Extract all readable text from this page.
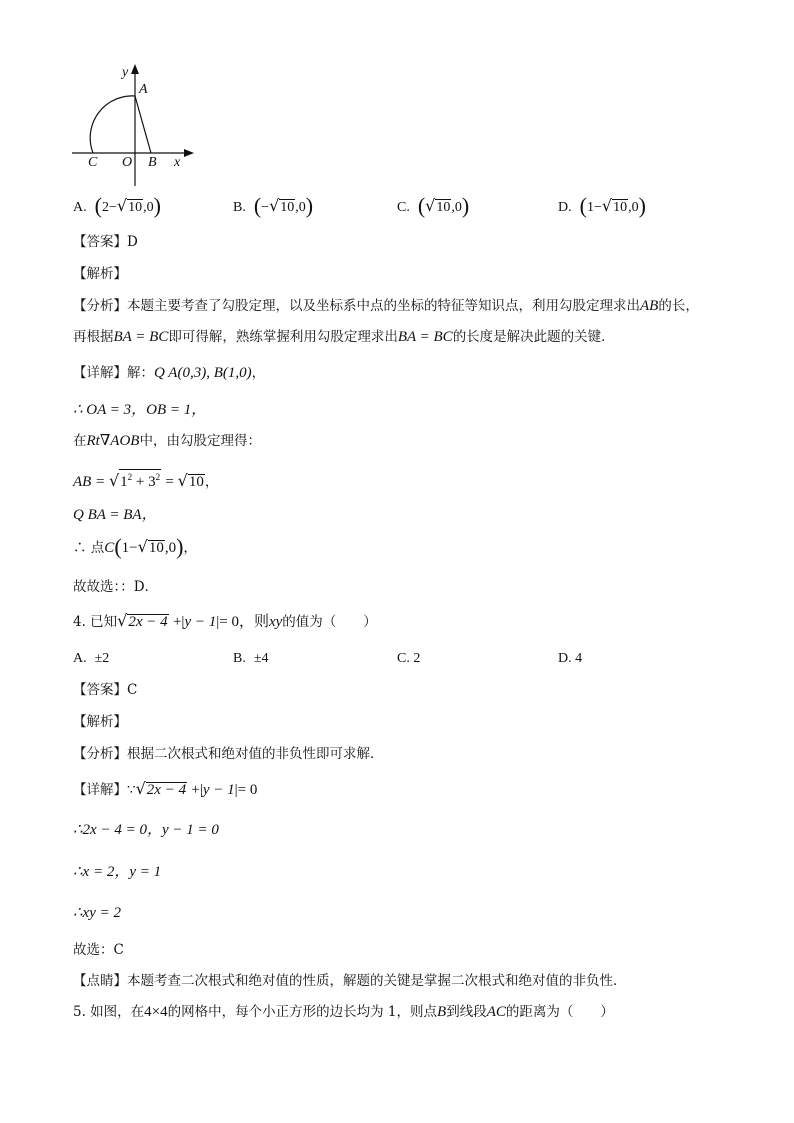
y
A
C O B x
A. (2−√10,0)	B. (−√10,0)	C. (√10,0)	D. (1−√10,0)
【答案】D
【解析】
【分析】本题主要考查了勾股定理，以及坐标系中点的坐标的特征等知识点，利用勾股定理求出AB的长，
再根据BA = BC即可得解，熟练掌握利用勾股定理求出BA = BC的长度是解决此题的关键．
【详解】解：Q A(0,3), B(1,0)，
∴ OA = 3，OB = 1，
在Rt∇AOB中，由勾股定理得：
AB = $√1^2 + 3^2 = √10$，
Q BA = BA，
∴ 点C(1−√10,0)，
故故选：：D．
4. 已知√2x − 4 +|y − 1|= 0，则xy的值为（　　）
A. ±2	B. ±4	C. 2	D. 4
【答案】C
【解析】
【分析】根据二次根式和绝对值的非负性即可求解．
【详解】∵√2x − 4 +|y − 1|= 0
∴2x − 4 = 0，y − 1 = 0
∴x = 2，y = 1
∴xy = 2
故选：C
【点睛】本题考查二次根式和绝对值的性质，解题的关键是掌握二次根式和绝对值的非负性．
5. 如图，在4×4的网格中，每个小正方形的边长均为 1，则点B到线段AC的距离为（　　）
